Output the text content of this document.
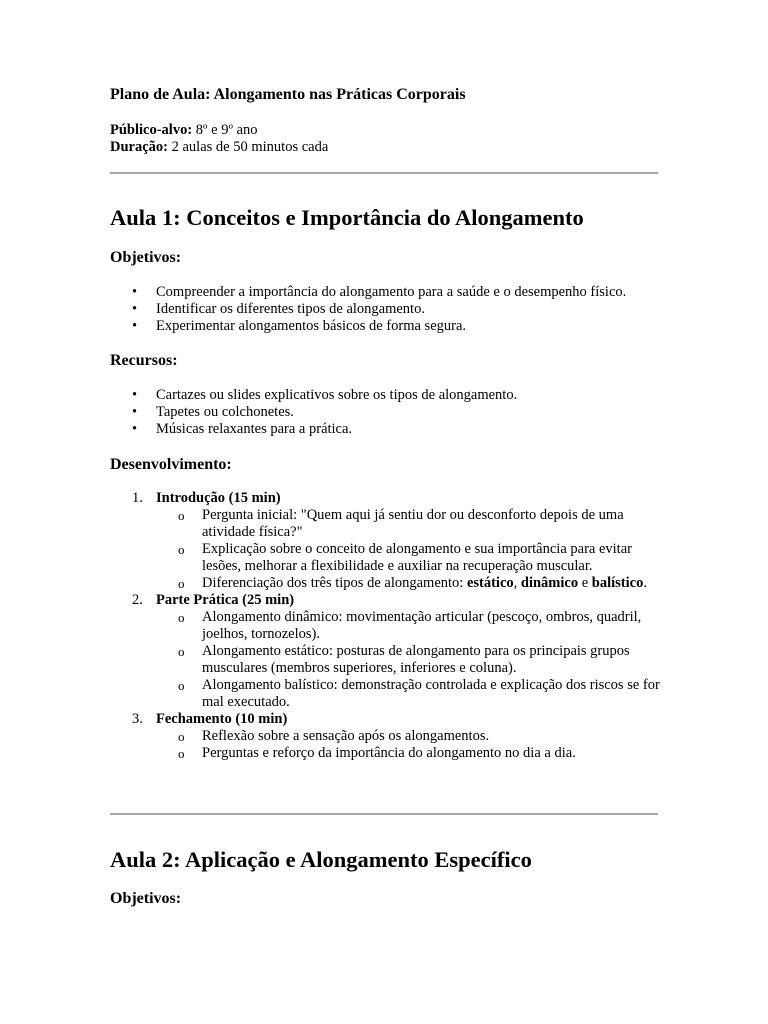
Plano de Aula: Alongamento nas Práticas Corporais

Público-alvo: 8º e 9º ano

Duração: 2 aulas de 50 minutos cada

Aula 1: Conceitos e Importância do Alongamento
Objetivos:
• Compreender a importância do alongamento para a saúde e o desempenho físico.
• Identificar os diferentes tipos de alongamento.
• Experimentar alongamentos básicos de forma segura.
Recursos:
• Cartazes ou slides explicativos sobre os tipos de alongamento.
• Tapetes ou colchonetes.
• Músicas relaxantes para a prática.
Desenvolvimento:
1. Introdução (15 min)
o Pergunta inicial: "Quem aqui já sentiu dor ou desconforto depois de uma atividade física?"
o Explicação sobre o conceito de alongamento e sua importância para evitar lesões, melhorar a flexibilidade e auxiliar na recuperação muscular.
o Diferenciação dos três tipos de alongamento: estático, dinâmico e balístico.
2. Parte Prática (25 min)
o Alongamento dinâmico: movimentação articular (pescoço, ombros, quadril, joelhos, tornozelos).
o Alongamento estático: posturas de alongamento para os principais grupos musculares (membros superiores, inferiores e coluna).
o Alongamento balístico: demonstração controlada e explicação dos riscos se for mal executado.
3. Fechamento (10 min)
o Reflexão sobre a sensação após os alongamentos.
o Perguntas e reforço da importância do alongamento no dia a dia.
Aula 2: Aplicação e Alongamento Específico
Objetivos:
